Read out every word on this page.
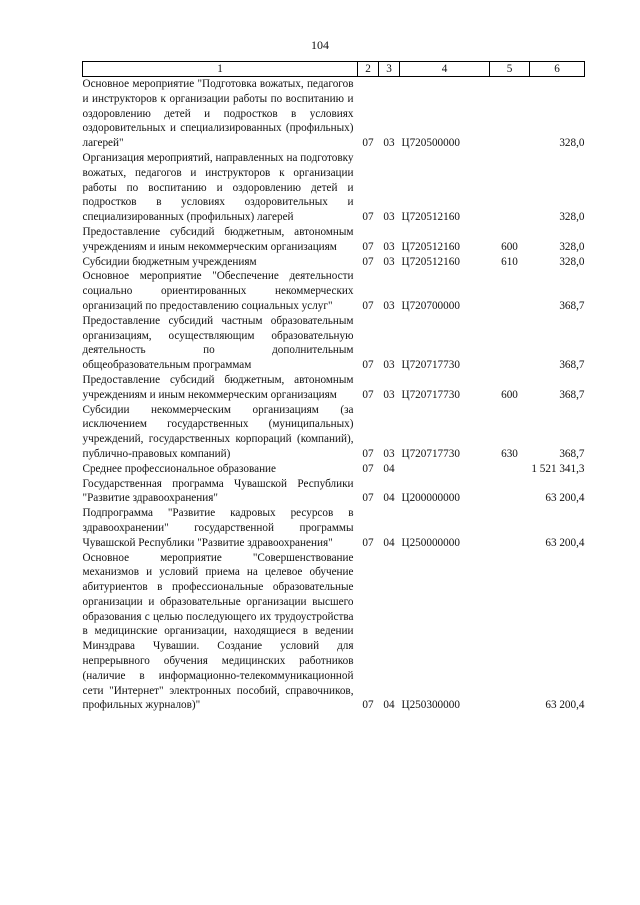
104
1	2	3	4	5	6
Основное мероприятие "Подготовка вожатых, педагогов и инструкторов к организации работы по воспитанию и оздоровлению детей и подростков в условиях оздоровительных и специализированных (профильных) лагерей"	07	03	Ц720500000		328,0
Организация мероприятий, направленных на подготовку вожатых, педагогов и инструкторов к организации работы по воспитанию и оздоровлению детей и подростков в условиях оздоровительных и специализированных (профильных) лагерей	07	03	Ц720512160		328,0
Предоставление субсидий бюджетным, автономным учреждениям и иным некоммерческим организациям	07	03	Ц720512160	600	328,0
Субсидии бюджетным учреждениям	07	03	Ц720512160	610	328,0
Основное мероприятие "Обеспечение деятельности социально ориентированных некоммерческих организаций по предоставлению социальных услуг"	07	03	Ц720700000		368,7
Предоставление субсидий частным образовательным организациям, осуществляющим образовательную деятельность по дополнительным общеобразовательным программам	07	03	Ц720717730		368,7
Предоставление субсидий бюджетным, автономным учреждениям и иным некоммерческим организациям	07	03	Ц720717730	600	368,7
Субсидии некоммерческим организациям (за исключением государственных (муниципальных) учреждений, государственных корпораций (компаний), публично-правовых компаний)	07	03	Ц720717730	630	368,7
Среднее профессиональное образование	07	04			1 521 341,3
Государственная программа Чувашской Республики "Развитие здравоохранения"	07	04	Ц200000000		63 200,4
Подпрограмма "Развитие кадровых ресурсов в здравоохранении" государственной программы Чувашской Республики "Развитие здравоохранения"	07	04	Ц250000000		63 200,4
Основное мероприятие "Совершенствование механизмов и условий приема на целевое обучение абитуриентов в профессиональные образовательные организации и образовательные организации высшего образования с целью последующего их трудоустройства в медицинские организации, находящиеся в ведении Минздрава Чувашии. Создание условий для непрерывного обучения медицинских работников (наличие в информационно-телекоммуникационной сети "Интернет" электронных пособий, справочников, профильных журналов)"	07	04	Ц250300000		63 200,4
